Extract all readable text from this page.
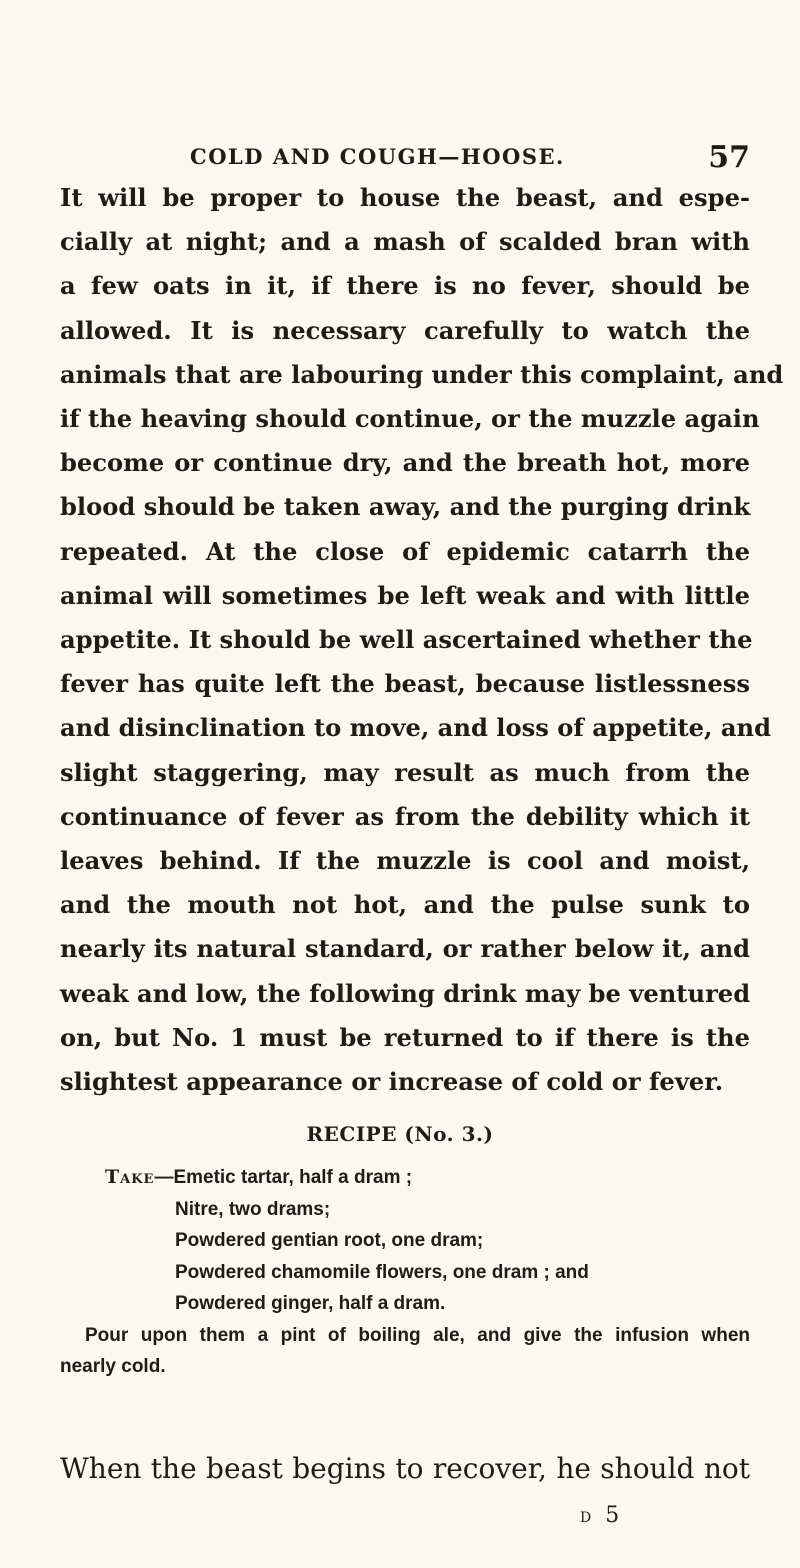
COLD AND COUGH—HOOSE.	57
It will be proper to house the beast, and espe-
cially at night; and a mash of scalded bran with
a few oats in it, if there is no fever, should be
allowed. It is necessary carefully to watch the
animals that are labouring under this complaint, and
if the heaving should continue, or the muzzle again
become or continue dry, and the breath hot, more
blood should be taken away, and the purging drink
repeated. At the close of epidemic catarrh the
animal will sometimes be left weak and with little
appetite. It should be well ascertained whether the
fever has quite left the beast, because listlessness
and disinclination to move, and loss of appetite, and
slight staggering, may result as much from the
continuance of fever as from the debility which it
leaves behind. If the muzzle is cool and moist,
and the mouth not hot, and the pulse sunk to
nearly its natural standard, or rather below it, and
weak and low, the following drink may be ventured
on, but No. 1 must be returned to if there is the
slightest appearance or increase of cold or fever.
RECIPE (No. 3.)
Take—Emetic tartar, half a dram ;
Nitre, two drams;
Powdered gentian root, one dram;
Powdered chamomile flowers, one dram ; and
Powdered ginger, half a dram.
Pour upon them a pint of boiling ale, and give the infusion when
nearly cold.
When the beast begins to recover, he should not
d 5
